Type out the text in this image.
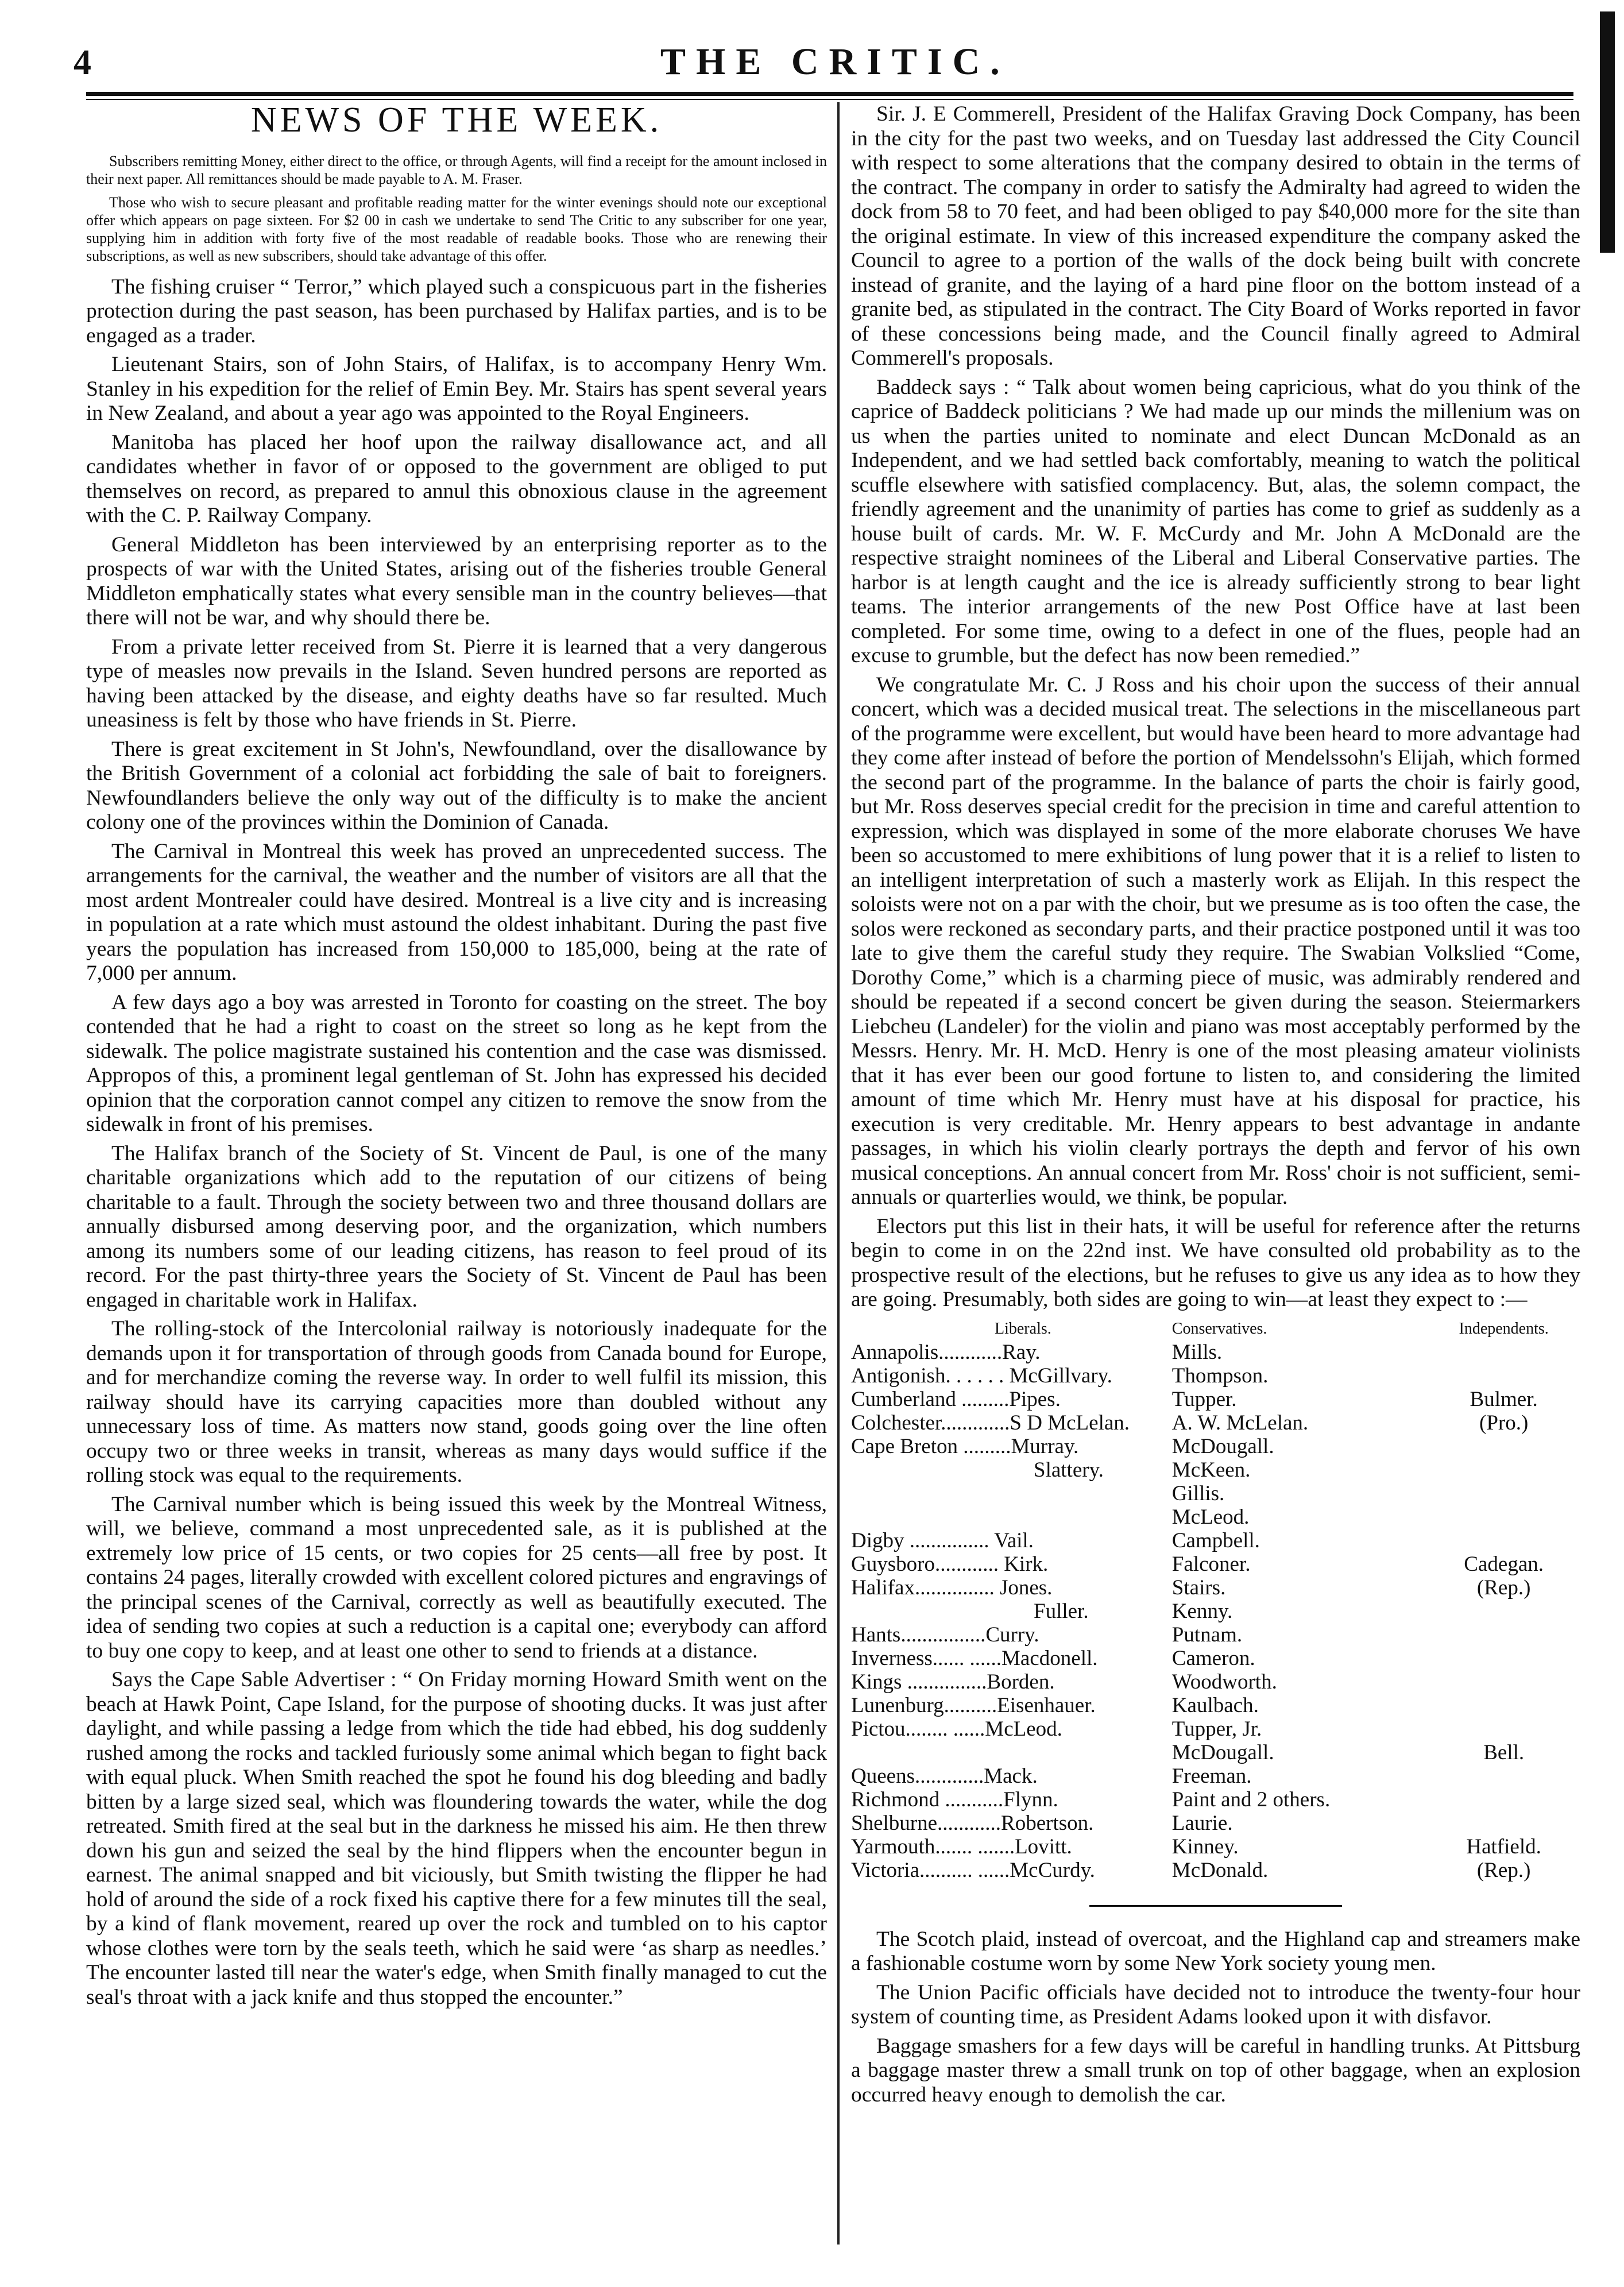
4	THE CRITIC.
NEWS OF THE WEEK.

Subscribers remitting Money, either direct to the office, or through Agents, will find a receipt for the amount inclosed in their next paper. All remittances should be made payable to A. M. Fraser.

Those who wish to secure pleasant and profitable reading matter for the winter evenings should note our exceptional offer which appears on page sixteen. For $2 00 in cash we undertake to send The Critic to any subscriber for one year, supplying him in addition with forty five of the most readable of readable books. Those who are renewing their subscriptions, as well as new subscribers, should take advantage of this offer.

The fishing cruiser “ Terror,” which played such a conspicuous part in the fisheries protection during the past season, has been purchased by Halifax parties, and is to be engaged as a trader.

Lieutenant Stairs, son of John Stairs, of Halifax, is to accompany Henry Wm. Stanley in his expedition for the relief of Emin Bey. Mr. Stairs has spent several years in New Zealand, and about a year ago was appointed to the Royal Engineers.

Manitoba has placed her hoof upon the railway disallowance act, and all candidates whether in favor of or opposed to the government are obliged to put themselves on record, as prepared to annul this obnoxious clause in the agreement with the C. P. Railway Company.

General Middleton has been interviewed by an enterprising reporter as to the prospects of war with the United States, arising out of the fisheries trouble General Middleton emphatically states what every sensible man in the country believes—that there will not be war, and why should there be.

From a private letter received from St. Pierre it is learned that a very dangerous type of measles now prevails in the Island. Seven hundred persons are reported as having been attacked by the disease, and eighty deaths have so far resulted. Much uneasiness is felt by those who have friends in St. Pierre.

There is great excitement in St John's, Newfoundland, over the disallowance by the British Government of a colonial act forbidding the sale of bait to foreigners. Newfoundlanders believe the only way out of the difficulty is to make the ancient colony one of the provinces within the Dominion of Canada.

The Carnival in Montreal this week has proved an unprecedented success. The arrangements for the carnival, the weather and the number of visitors are all that the most ardent Montrealer could have desired. Montreal is a live city and is increasing in population at a rate which must astound the oldest inhabitant. During the past five years the population has increased from 150,000 to 185,000, being at the rate of 7,000 per annum.

A few days ago a boy was arrested in Toronto for coasting on the street. The boy contended that he had a right to coast on the street so long as he kept from the sidewalk. The police magistrate sustained his contention and the case was dismissed. Appropos of this, a prominent legal gentleman of St. John has expressed his decided opinion that the corporation cannot compel any citizen to remove the snow from the sidewalk in front of his premises.

The Halifax branch of the Society of St. Vincent de Paul, is one of the many charitable organizations which add to the reputation of our citizens of being charitable to a fault. Through the society between two and three thousand dollars are annually disbursed among deserving poor, and the organization, which numbers among its numbers some of our leading citizens, has reason to feel proud of its record. For the past thirty-three years the Society of St. Vincent de Paul has been engaged in charitable work in Halifax.

The rolling-stock of the Intercolonial railway is notoriously inadequate for the demands upon it for transportation of through goods from Canada bound for Europe, and for merchandize coming the reverse way. In order to well fulfil its mission, this railway should have its carrying capacities more than doubled without any unnecessary loss of time. As matters now stand, goods going over the line often occupy two or three weeks in transit, whereas as many days would suffice if the rolling stock was equal to the requirements.

The Carnival number which is being issued this week by the Montreal Witness, will, we believe, command a most unprecedented sale, as it is published at the extremely low price of 15 cents, or two copies for 25 cents—all free by post. It contains 24 pages, literally crowded with excellent colored pictures and engravings of the principal scenes of the Carnival, correctly as well as beautifully executed. The idea of sending two copies at such a reduction is a capital one; everybody can afford to buy one copy to keep, and at least one other to send to friends at a distance.

Says the Cape Sable Advertiser : “ On Friday morning Howard Smith went on the beach at Hawk Point, Cape Island, for the purpose of shooting ducks. It was just after daylight, and while passing a ledge from which the tide had ebbed, his dog suddenly rushed among the rocks and tackled furiously some animal which began to fight back with equal pluck. When Smith reached the spot he found his dog bleeding and badly bitten by a large sized seal, which was floundering towards the water, while the dog retreated. Smith fired at the seal but in the darkness he missed his aim. He then threw down his gun and seized the seal by the hind flippers when the encounter begun in earnest. The animal snapped and bit viciously, but Smith twisting the flipper he had hold of around the side of a rock fixed his captive there for a few minutes till the seal, by a kind of flank movement, reared up over the rock and tumbled on to his captor whose clothes were torn by the seals teeth, which he said were ‘as sharp as needles.’ The encounter lasted till near the water's edge, when Smith finally managed to cut the seal's throat with a jack knife and thus stopped the encounter.”

Sir. J. E Commerell, President of the Halifax Graving Dock Company, has been in the city for the past two weeks, and on Tuesday last addressed the City Council with respect to some alterations that the company desired to obtain in the terms of the contract. The company in order to satisfy the Admiralty had agreed to widen the dock from 58 to 70 feet, and had been obliged to pay $40,000 more for the site than the original estimate. In view of this increased expenditure the company asked the Council to agree to a portion of the walls of the dock being built with concrete instead of granite, and the laying of a hard pine floor on the bottom instead of a granite bed, as stipulated in the contract. The City Board of Works reported in favor of these concessions being made, and the Council finally agreed to Admiral Commerell's proposals.

Baddeck says : “ Talk about women being capricious, what do you think of the caprice of Baddeck politicians ? We had made up our minds the millenium was on us when the parties united to nominate and elect Duncan McDonald as an Independent, and we had settled back comfortably, meaning to watch the political scuffle elsewhere with satisfied complacency. But, alas, the solemn compact, the friendly agreement and the unanimity of parties has come to grief as suddenly as a house built of cards. Mr. W. F. McCurdy and Mr. John A McDonald are the respective straight nominees of the Liberal and Liberal Conservative parties. The harbor is at length caught and the ice is already sufficiently strong to bear light teams. The interior arrangements of the new Post Office have at last been completed. For some time, owing to a defect in one of the flues, people had an excuse to grumble, but the defect has now been remedied.”

We congratulate Mr. C. J Ross and his choir upon the success of their annual concert, which was a decided musical treat. The selections in the miscellaneous part of the programme were excellent, but would have been heard to more advantage had they come after instead of before the portion of Mendelssohn's Elijah, which formed the second part of the programme. In the balance of parts the choir is fairly good, but Mr. Ross deserves special credit for the precision in time and careful attention to expression, which was displayed in some of the more elaborate choruses We have been so accustomed to mere exhibitions of lung power that it is a relief to listen to an intelligent interpretation of such a masterly work as Elijah. In this respect the soloists were not on a par with the choir, but we presume as is too often the case, the solos were reckoned as secondary parts, and their practice postponed until it was too late to give them the careful study they require. The Swabian Volkslied “Come, Dorothy Come,” which is a charming piece of music, was admirably rendered and should be repeated if a second concert be given during the season. Steiermarkers Liebcheu (Landeler) for the violin and piano was most acceptably performed by the Messrs. Henry. Mr. H. McD. Henry is one of the most pleasing amateur violinists that it has ever been our good fortune to listen to, and considering the limited amount of time which Mr. Henry must have at his disposal for practice, his execution is very creditable. Mr. Henry appears to best advantage in andante passages, in which his violin clearly portrays the depth and fervor of his own musical conceptions. An annual concert from Mr. Ross' choir is not sufficient, semi-annuals or quarterlies would, we think, be popular.

Electors put this list in their hats, it will be useful for reference after the returns begin to come in on the 22nd inst. We have consulted old probability as to the prospective result of the elections, but he refuses to give us any idea as to how they are going. Presumably, both sides are going to win—at least they expect to :—

Liberals.	Conservatives.	Independents.
Annapolis............Ray.	Mills.	
Antigonish. . . . . . McGillvary.	Thompson.	
Cumberland .........Pipes.	Tupper.	Bulmer.
Colchester.............S D McLelan.	A. W. McLelan.	(Pro.)
Cape Breton .........Murray.	McDougall.	
Slattery.	McKeen.	
	Gillis.	
	McLeod.	
Digby ............... Vail.	Campbell.	
Guysboro............ Kirk.	Falconer.	Cadegan.
Halifax............... Jones.	Stairs.	(Rep.)
Fuller.	Kenny.	
Hants................Curry.	Putnam.	
Inverness...... ......Macdonell.	Cameron.	
Kings ...............Borden.	Woodworth.	
Lunenburg..........Eisenhauer.	Kaulbach.	
Pictou........ ......McLeod.	Tupper, Jr.	
	McDougall.	Bell.
Queens.............Mack.	Freeman.	
Richmond ...........Flynn.	Paint and 2 others.	
Shelburne............Robertson.	Laurie.	
Yarmouth....... .......Lovitt.	Kinney.	Hatfield.
Victoria.......... ......McCurdy.	McDonald.	(Rep.)

The Scotch plaid, instead of overcoat, and the Highland cap and streamers make a fashionable costume worn by some New York society young men.

The Union Pacific officials have decided not to introduce the twenty-four hour system of counting time, as President Adams looked upon it with disfavor.

Baggage smashers for a few days will be careful in handling trunks. At Pittsburg a baggage master threw a small trunk on top of other baggage, when an explosion occurred heavy enough to demolish the car.
